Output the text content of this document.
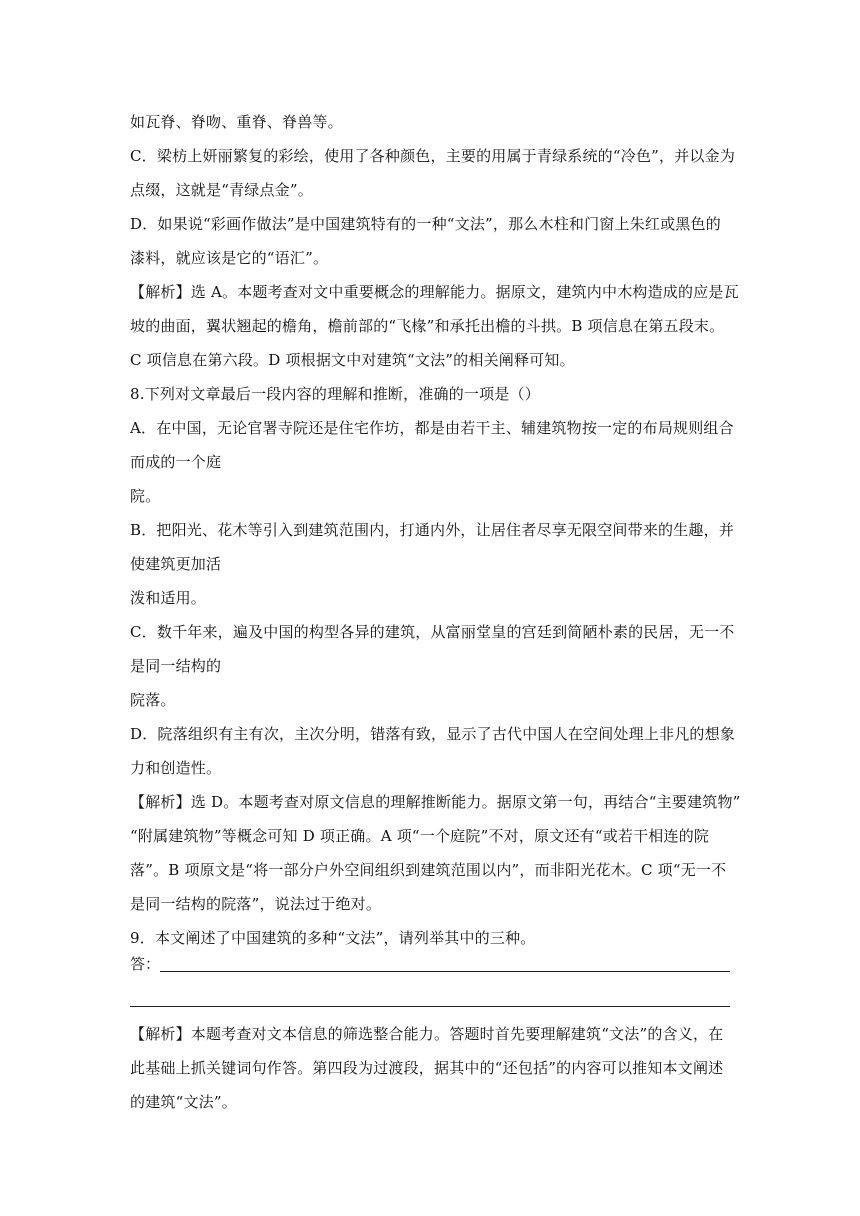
如瓦脊、脊吻、重脊、脊兽等。
C．梁枋上妍丽繁复的彩绘，使用了各种颜色，主要的用属于青绿系统的“冷色”，并以金为
点缀，这就是“青绿点金”。
D．如果说“彩画作做法”是中国建筑特有的一种“文法”，那么木柱和门窗上朱红或黑色的
漆料，就应该是它的“语汇”。
【解析】选 A。本题考查对文中重要概念的理解能力。据原文，建筑内中木构造成的应是瓦
坡的曲面，翼状翘起的檐角，檐前部的“飞椽”和承托出檐的斗拱。B 项信息在第五段末。
C 项信息在第六段。D 项根据文中对建筑“文法”的相关阐释可知。
8.下列对文章最后一段内容的理解和推断，准确的一项是（）
A．在中国，无论官署寺院还是住宅作坊，都是由若干主、辅建筑物按一定的布局规则组合
而成的一个庭
院。
B．把阳光、花木等引入到建筑范围内，打通内外，让居住者尽享无限空间带来的生趣，并
使建筑更加活
泼和适用。
C．数千年来，遍及中国的构型各异的建筑，从富丽堂皇的宫廷到简陋朴素的民居，无一不
是同一结构的
院落。
D．院落组织有主有次，主次分明，错落有致，显示了古代中国人在空间处理上非凡的想象
力和创造性。
【解析】选 D。本题考查对原文信息的理解推断能力。据原文第一句，再结合“主要建筑物”
“附属建筑物”等概念可知 D 项正确。A 项“一个庭院”不对，原文还有“或若干相连的院
落”。B 项原文是“将一部分户外空间组织到建筑范围以内”，而非阳光花木。C 项“无一不
是同一结构的院落”，说法过于绝对。
9．本文阐述了中国建筑的多种“文法”，请列举其中的三种。
答：
【解析】本题考查对文本信息的筛选整合能力。答题时首先要理解建筑“文法”的含义，在
此基础上抓关键词句作答。第四段为过渡段，据其中的“还包括”的内容可以推知本文阐述
的建筑“文法”。
